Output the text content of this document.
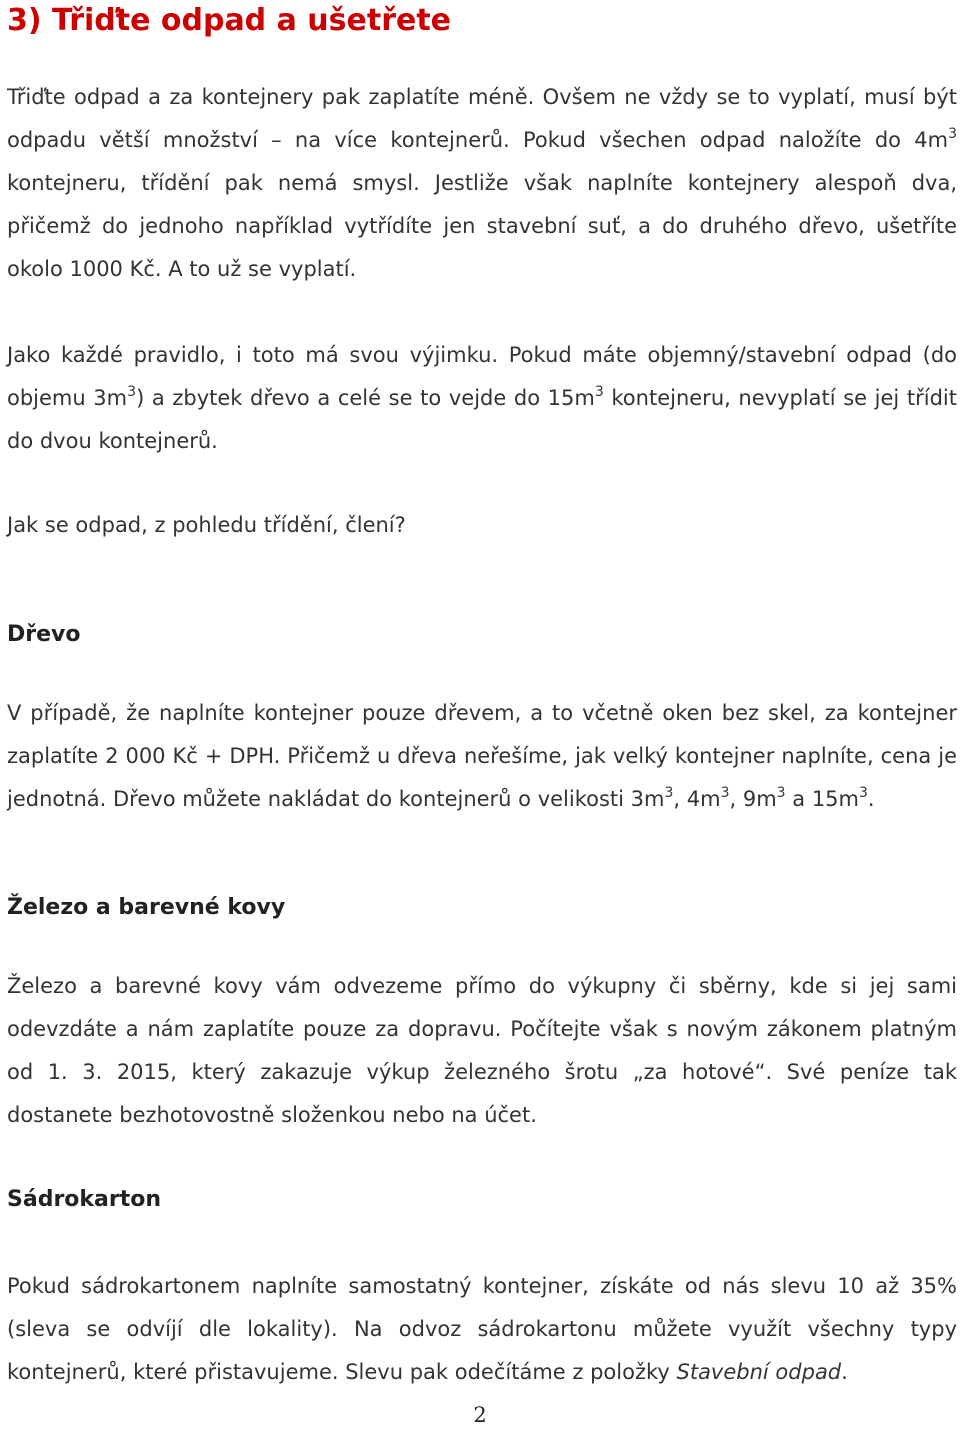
3) Třiďte odpad a ušetřete

Třiďte odpad a za kontejnery pak zaplatíte méně. Ovšem ne vždy se to vyplatí, musí být odpadu větší množství – na více kontejnerů. Pokud všechen odpad naložíte do $4m^3$ kontejneru, třídění pak nemá smysl. Jestliže však naplníte kontejnery alespoň dva, přičemž do jednoho například vytřídíte jen stavební suť, a do druhého dřevo, ušetříte okolo 1000 Kč. A to už se vyplatí.

Jako každé pravidlo, i toto má svou výjimku. Pokud máte objemný/stavební odpad (do objemu $3m^3$) a zbytek dřevo a celé se to vejde do $15m^3$ kontejneru, nevyplatí se jej třídit do dvou kontejnerů.

Jak se odpad, z pohledu třídění, člení?

Dřevo

V případě, že naplníte kontejner pouze dřevem, a to včetně oken bez skel, za kontejner zaplatíte 2 000 Kč + DPH. Přičemž u dřeva neřešíme, jak velký kontejner naplníte, cena je jednotná. Dřevo můžete nakládat do kontejnerů o velikosti $3m^3$, $4m^3$, $9m^3$ a $15m^3$.

Železo a barevné kovy

Železo a barevné kovy vám odvezeme přímo do výkupny či sběrny, kde si jej sami odevzdáte a nám zaplatíte pouze za dopravu. Počítejte však s novým zákonem platným od 1. 3. 2015, který zakazuje výkup železného šrotu „za hotové“. Své peníze tak dostanete bezhotovostně složenkou nebo na účet.

Sádrokarton

Pokud sádrokartonem naplníte samostatný kontejner, získáte od nás slevu 10 až 35% (sleva se odvíjí dle lokality). Na odvoz sádrokartonu můžete využít všechny typy kontejnerů, které přistavujeme. Slevu pak odečítáme z položky Stavební odpad.

2
